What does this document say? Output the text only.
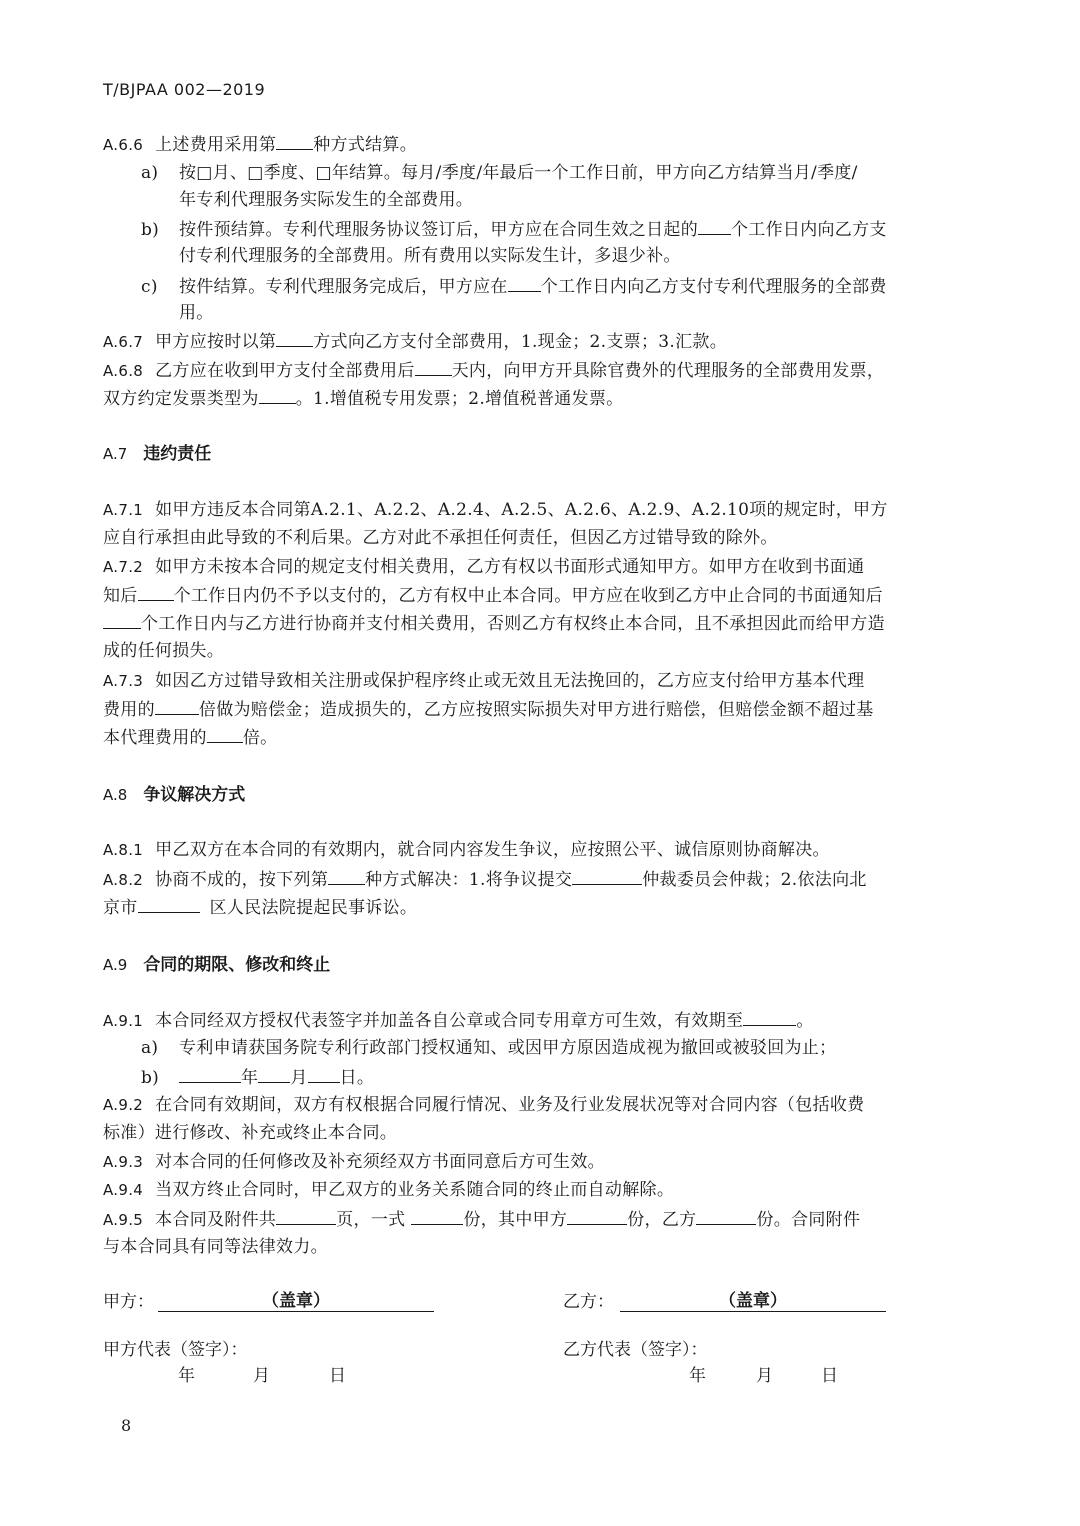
T/BJPAA 002—2019
A.6.6 上述费用采用第 种方式结算。
a) 按□月、□季度、□年结算。每月/季度/年最后一个工作日前，甲方向乙方结算当月/季度/
年专利代理服务实际发生的全部费用。
b) 按件预结算。专利代理服务协议签订后，甲方应在合同生效之日起的 个工作日内向乙方支
付专利代理服务的全部费用。所有费用以实际发生计，多退少补。
c) 按件结算。专利代理服务完成后，甲方应在 个工作日内向乙方支付专利代理服务的全部费
用。
A.6.7 甲方应按时以第 方式向乙方支付全部费用，1.现金；2.支票；3.汇款。
A.6.8 乙方应在收到甲方支付全部费用后 天内，向甲方开具除官费外的代理服务的全部费用发票，
双方约定发票类型为 。1.增值税专用发票；2.增值税普通发票。
A.7 违约责任
A.7.1 如甲方违反本合同第A.2.1、A.2.2、A.2.4、A.2.5、A.2.6、A.2.9、A.2.10项的规定时，甲方
应自行承担由此导致的不利后果。乙方对此不承担任何责任，但因乙方过错导致的除外。
A.7.2 如甲方未按本合同的规定支付相关费用，乙方有权以书面形式通知甲方。如甲方在收到书面通
知后 个工作日内仍不予以支付的，乙方有权中止本合同。甲方应在收到乙方中止合同的书面通知后
个工作日内与乙方进行协商并支付相关费用，否则乙方有权终止本合同，且不承担因此而给甲方造
成的任何损失。
A.7.3 如因乙方过错导致相关注册或保护程序终止或无效且无法挽回的，乙方应支付给甲方基本代理
费用的	倍做为赔偿金；造成损失的，乙方应按照实际损失对甲方进行赔偿，但赔偿金额不超过基
本代理费用的 倍。
A.8 争议解决方式
A.8.1 甲乙双方在本合同的有效期内，就合同内容发生争议，应按照公平、诚信原则协商解决。
A.8.2 协商不成的，按下列第 种方式解决：1.将争议提交	仲裁委员会仲裁；2.依法向北
京市	区人民法院提起民事诉讼。
A.9 合同的期限、修改和终止
A.9.1 本合同经双方授权代表签字并加盖各自公章或合同专用章方可生效，有效期至	。
a) 专利申请获国务院专利行政部门授权通知、或因甲方原因造成视为撤回或被驳回为止；
b)	年 月 日。
A.9.2 在合同有效期间，双方有权根据合同履行情况、业务及行业发展状况等对合同内容（包括收费
标准）进行修改、补充或终止本合同。
A.9.3 对本合同的任何修改及补充须经双方书面同意后方可生效。
A.9.4 当双方终止合同时，甲乙双方的业务关系随合同的终止而自动解除。
A.9.5 本合同及附件共	页，一式	份，其中甲方	份，乙方	份。合同附件
与本合同具有同等法律效力。
甲方：	（盖章）	乙方：	（盖章）
甲方代表（签字）：	乙方代表（签字）：
年	月	日	年	月	日
8
